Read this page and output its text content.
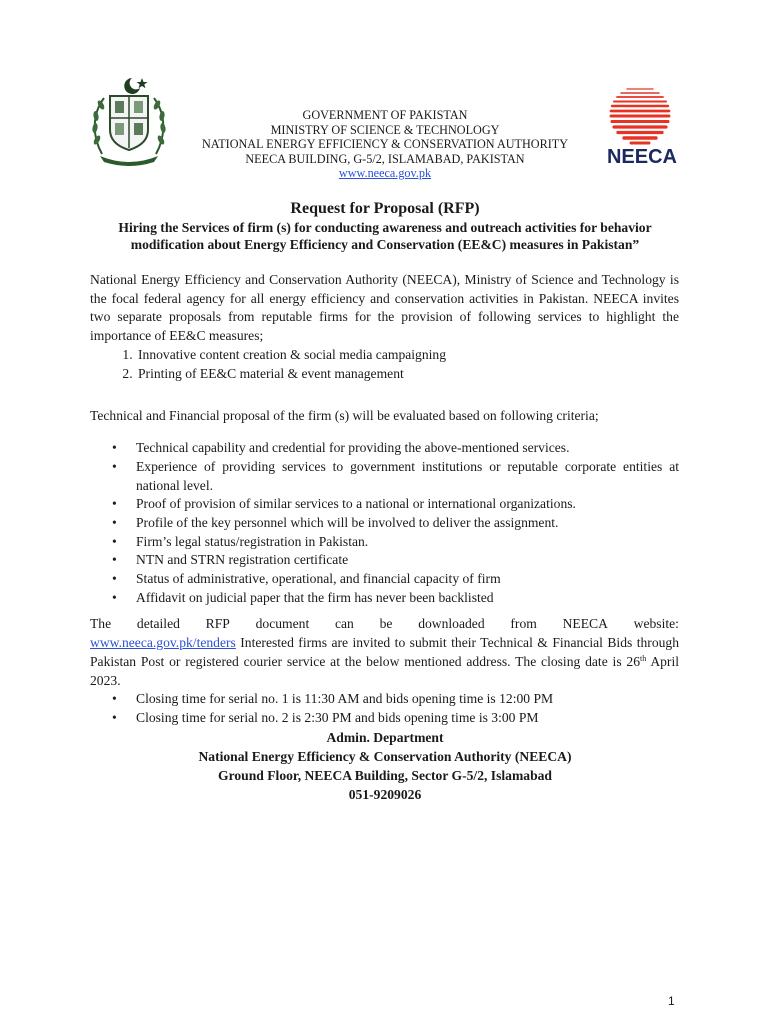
GOVERNMENT OF PAKISTAN
MINISTRY OF SCIENCE & TECHNOLOGY
NATIONAL ENERGY EFFICIENCY & CONSERVATION AUTHORITY
NEECA BUILDING, G-5/2, ISLAMABAD, PAKISTAN
www.neeca.gov.pk
NEECA
Request for Proposal (RFP)
Hiring the Services of firm (s) for conducting awareness and outreach activities for behavior modification about Energy Efficiency and Conservation (EE&C) measures in Pakistan”

National Energy Efficiency and Conservation Authority (NEECA), Ministry of Science and Technology is the focal federal agency for all energy efficiency and conservation activities in Pakistan. NEECA invites two separate proposals from reputable firms for the provision of following services to highlight the importance of EE&C measures;

1. Innovative content creation & social media campaigning
2. Printing of EE&C material & event management

Technical and Financial proposal of the firm (s) will be evaluated based on following criteria;

• Technical capability and credential for providing the above-mentioned services.
• Experience of providing services to government institutions or reputable corporate entities at national level.
• Proof of provision of similar services to a national or international organizations.
• Profile of the key personnel which will be involved to deliver the assignment.
• Firm’s legal status/registration in Pakistan.
• NTN and STRN registration certificate
• Status of administrative, operational, and financial capacity of firm
• Affidavit on judicial paper that the firm has never been backlisted
The detailed RFP document can be downloaded from NEECA website:

www.neeca.gov.pk/tenders Interested firms are invited to submit their Technical & Financial Bids through Pakistan Post or registered courier service at the below mentioned address. The closing date is 26th April 2023.

• Closing time for serial no. 1 is 11:30 AM and bids opening time is 12:00 PM
• Closing time for serial no. 2 is 2:30 PM and bids opening time is 3:00 PM
Admin. Department
National Energy Efficiency & Conservation Authority (NEECA)
Ground Floor, NEECA Building, Sector G-5/2, Islamabad
051-9209026
1
